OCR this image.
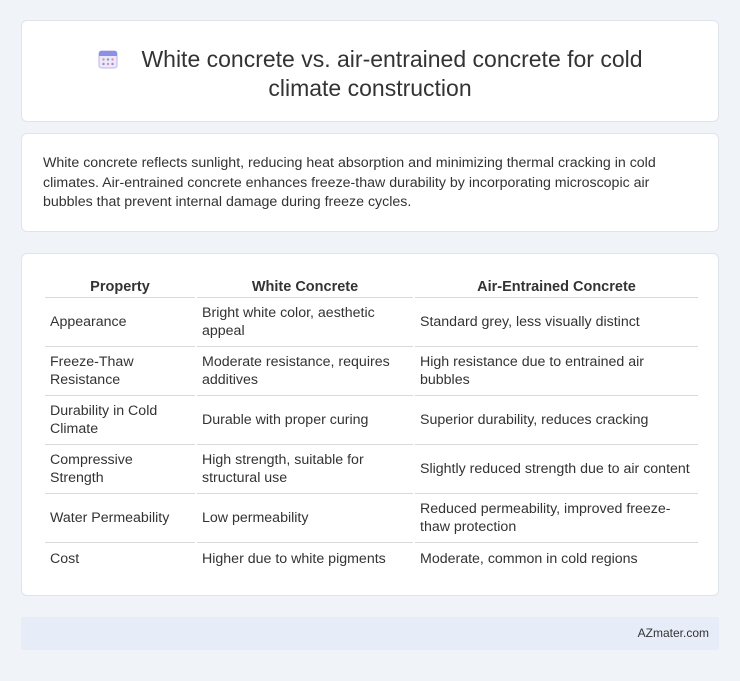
White concrete vs. air-entrained concrete for cold
climate construction

White concrete reflects sunlight, reducing heat absorption and minimizing thermal cracking in cold climates. Air-entrained concrete enhances freeze-thaw durability by incorporating microscopic air bubbles that prevent internal damage during freeze cycles.

Property	White Concrete	Air-Entrained Concrete
Appearance	Bright white color, aesthetic appeal	Standard grey, less visually distinct
Freeze-Thaw Resistance	Moderate resistance, requires additives	High resistance due to entrained air bubbles
Durability in Cold Climate	Durable with proper curing	Superior durability, reduces cracking
Compressive Strength	High strength, suitable for structural use	Slightly reduced strength due to air content
Water Permeability	Low permeability	Reduced permeability, improved freeze-thaw protection
Cost	Higher due to white pigments	Moderate, common in cold regions
AZmater.com
